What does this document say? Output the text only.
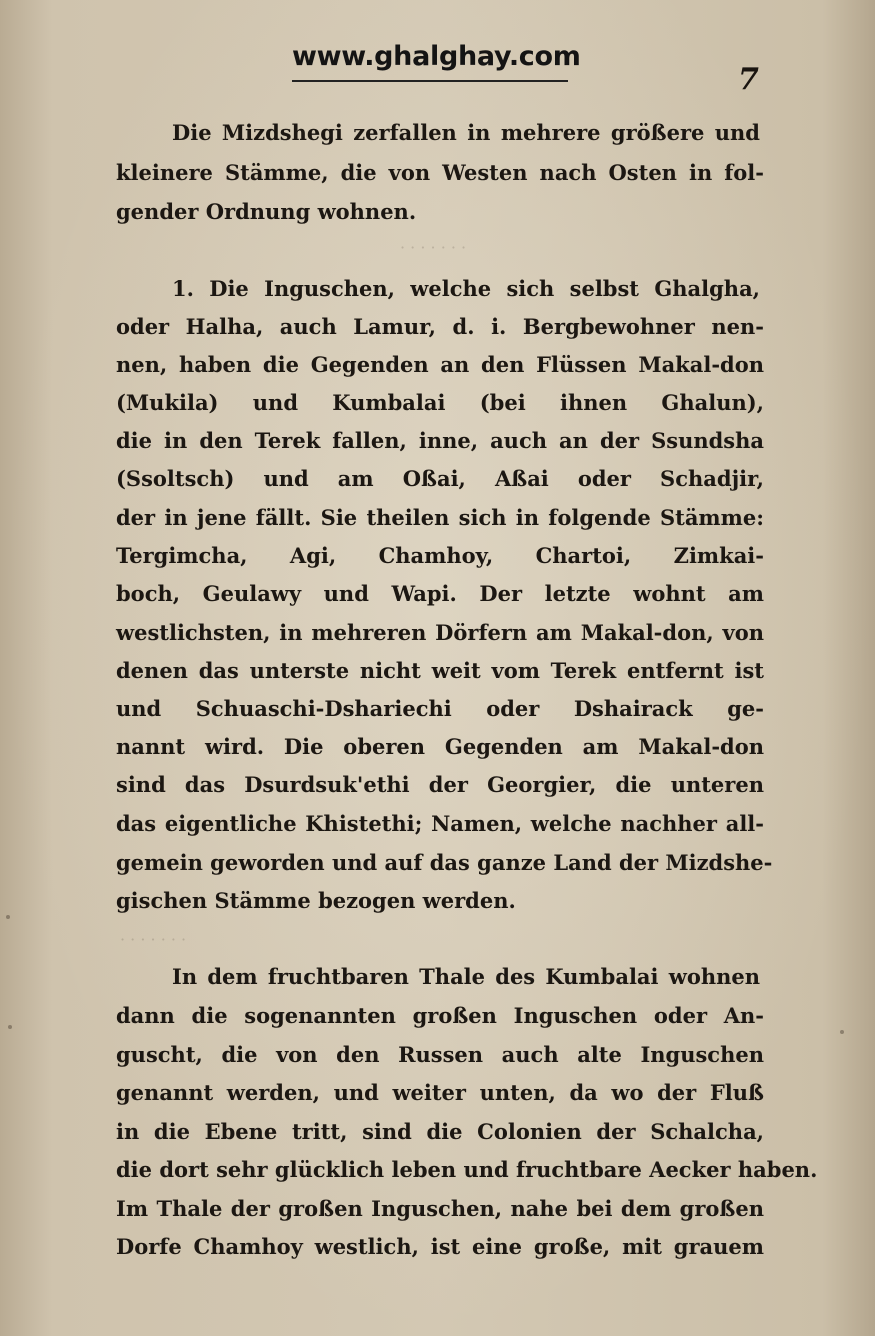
www.ghalghay.com
7
· · · · · · ·
· · · · · · ·
Die Mizdshegi zerfallen in mehrere größere und
kleinere Stämme, die von Westen nach Osten in fol-
gender Ordnung wohnen.
1. Die Inguschen, welche sich selbst Ghalgha,
oder Halha, auch Lamur, d. i. Bergbewohner nen-
nen, haben die Gegenden an den Flüssen Makal-don
(Mukila) und Kumbalai (bei ihnen Ghalun),
die in den Terek fallen, inne, auch an der Ssundsha
(Ssoltsch) und am Oßai, Aßai oder Schadjir,
der in jene fällt. Sie theilen sich in folgende Stämme:
Tergimcha, Agi, Chamhoy, Chartoi, Zimkai-
boch, Geulawy und Wapi. Der letzte wohnt am
westlichsten, in mehreren Dörfern am Makal-don, von
denen das unterste nicht weit vom Terek entfernt ist
und Schuaschi-Dshariechi oder Dshairack ge-
nannt wird. Die oberen Gegenden am Makal-don
sind das Dsurdsuk'ethi der Georgier, die unteren
das eigentliche Khistethi; Namen, welche nachher all-
gemein geworden und auf das ganze Land der Mizdshe-
gischen Stämme bezogen werden.
In dem fruchtbaren Thale des Kumbalai wohnen
dann die sogenannten großen Inguschen oder An-
guscht, die von den Russen auch alte Inguschen
genannt werden, und weiter unten, da wo der Fluß
in die Ebene tritt, sind die Colonien der Schalcha,
die dort sehr glücklich leben und fruchtbare Aecker haben.
Im Thale der großen Inguschen, nahe bei dem großen
Dorfe Chamhoy westlich, ist eine große, mit grauem
